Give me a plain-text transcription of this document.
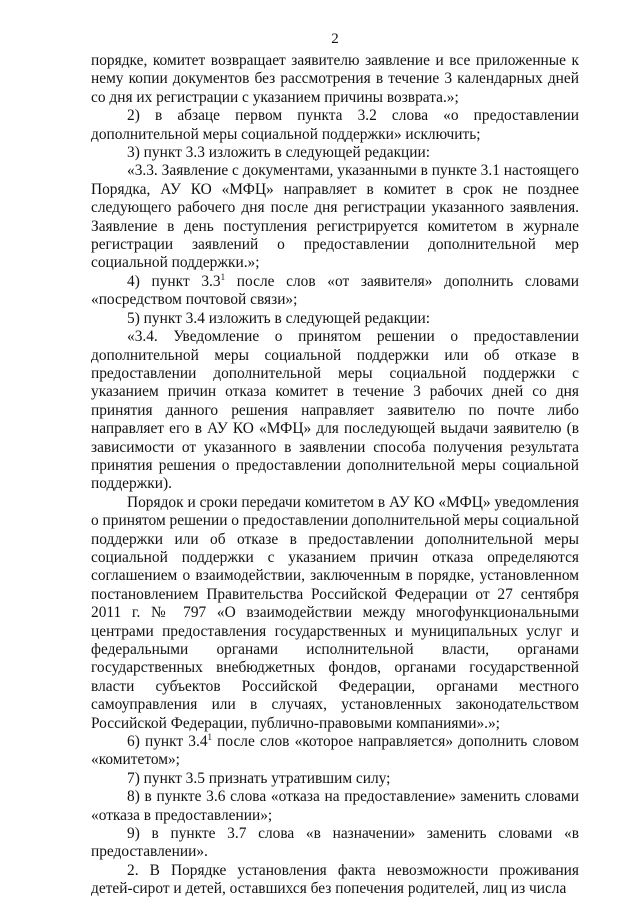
2

порядке, комитет возвращает заявителю заявление и все приложенные к нему копии документов без рассмотрения в течение 3 календарных дней со дня их регистрации с указанием причины возврата.»;

2) в абзаце первом пункта 3.2 слова «о предоставлении дополнительной меры социальной поддержки» исключить;

3) пункт 3.3 изложить в следующей редакции:

«3.3. Заявление с документами, указанными в пункте 3.1 настоящего Порядка, АУ КО «МФЦ» направляет в комитет в срок не позднее следующего рабочего дня после дня регистрации указанного заявления. Заявление в день поступления регистрируется комитетом в журнале регистрации заявлений о предоставлении дополнительной мер социальной поддержки.»;

4) пункт $3.3^1$ после слов «от заявителя» дополнить словами «посредством почтовой связи»;

5) пункт 3.4 изложить в следующей редакции:

«3.4. Уведомление о принятом решении о предоставлении дополнительной меры социальной поддержки или об отказе в предоставлении дополнительной меры социальной поддержки с указанием причин отказа комитет в течение 3 рабочих дней со дня принятия данного решения направляет заявителю по почте либо направляет его в АУ КО «МФЦ» для последующей выдачи заявителю (в зависимости от указанного в заявлении способа получения результата принятия решения о предоставлении дополнительной меры социальной поддержки).

Порядок и сроки передачи комитетом в АУ КО «МФЦ» уведомления о принятом решении о предоставлении дополнительной меры социальной поддержки или об отказе в предоставлении дополнительной меры социальной поддержки с указанием причин отказа определяются соглашением о взаимодействии, заключенным в порядке, установленном постановлением Правительства Российской Федерации от 27 сентября 2011 г. № 797 «О взаимодействии между многофункциональными центрами предоставления государственных и муниципальных услуг и федеральными органами исполнительной власти, органами государственных внебюджетных фондов, органами государственной власти субъектов Российской Федерации, органами местного самоуправления или в случаях, установленных законодательством Российской Федерации, публично-правовыми компаниями».»;

6) пункт $3.4^1$ после слов «которое направляется» дополнить словом «комитетом»;

7) пункт 3.5 признать утратившим силу;

8) в пункте 3.6 слова «отказа на предоставление» заменить словами «отказа в предоставлении»;

9) в пункте 3.7 слова «в назначении» заменить словами «в предоставлении».

2. В Порядке установления факта невозможности проживания детей-сирот и детей, оставшихся без попечения родителей, лиц из числа
